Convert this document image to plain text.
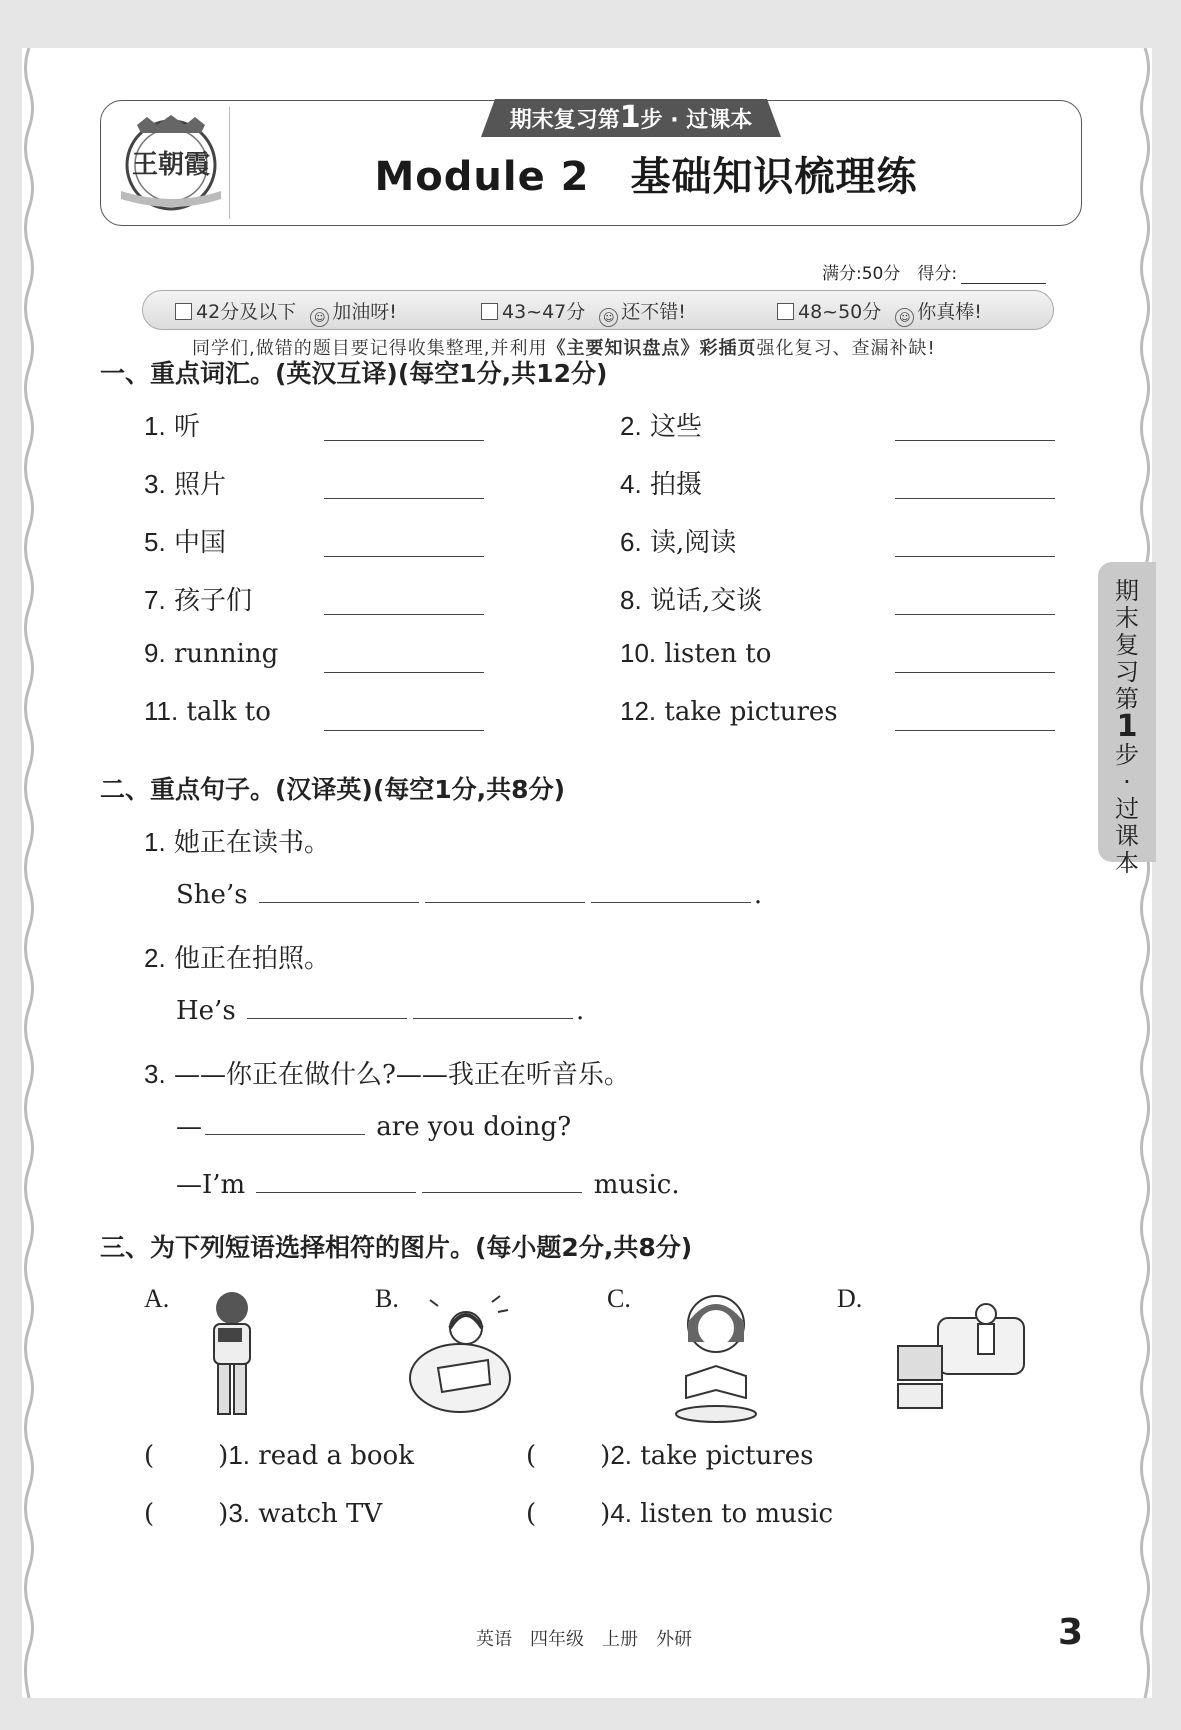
王朝霞
期末复习第1步 · 过课本
Module 2　基础知识梳理练
满分:50分　 得分:
42分及以下 ☺ 加油呀!	43~47分 ☺ 还不错!	48~50分 ☺ 你真棒!
同学们,做错的题目要记得收集整理,并利用《主要知识盘点》彩插页强化复习、查漏补缺!
一、重点词汇。(英汉互译)(每空1分,共12分)
1. 听	2. 这些
3. 照片	4. 拍摄
5. 中国	6. 读,阅读
7. 孩子们	8. 说话,交谈
9. running	10. listen to
11. talk to	12. take pictures
二、重点句子。(汉译英)(每空1分,共8分)
1. 她正在读书。
She’s	.
2. 他正在拍照。
He’s	.
3. ——你正在做什么?——我正在听音乐。
—	are you doing?
—I’m	music.
三、为下列短语选择相符的图片。(每小题2分,共8分)
A.	B.	C.	D.
( )1. read a book	( )2. take pictures
( )3. watch TV	( )4. listen to music
期
末
复
习
第
1
步
·
过
课
本
英语　四年级　上册　外研	3
